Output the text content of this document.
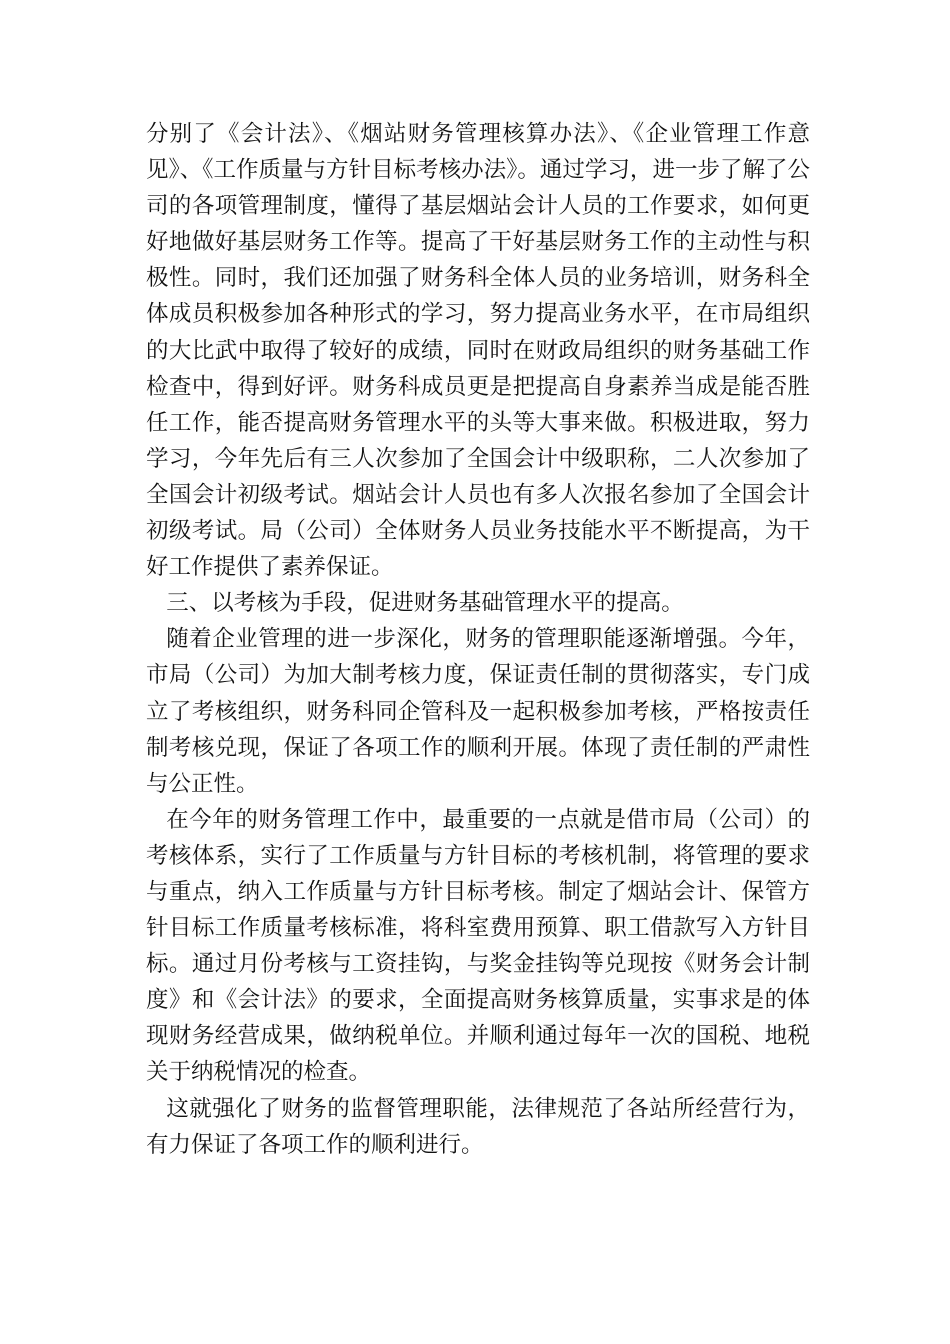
分别了《会计法》、《烟站财务管理核算办法》、《企业管理工作意见》、《工作质量与方针目标考核办法》。通过学习，进一步了解了公司的各项管理制度，懂得了基层烟站会计人员的工作要求，如何更好地做好基层财务工作等。提高了干好基层财务工作的主动性与积极性。同时，我们还加强了财务科全体人员的业务培训，财务科全体成员积极参加各种形式的学习，努力提高业务水平，在市局组织的大比武中取得了较好的成绩，同时在财政局组织的财务基础工作检查中，得到好评。财务科成员更是把提高自身素养当成是能否胜任工作，能否提高财务管理水平的头等大事来做。积极进取，努力学习，今年先后有三人次参加了全国会计中级职称，二人次参加了全国会计初级考试。烟站会计人员也有多人次报名参加了全国会计初级考试。局（公司）全体财务人员业务技能水平不断提高，为干好工作提供了素养保证。

三、以考核为手段，促进财务基础管理水平的提高。

随着企业管理的进一步深化，财务的管理职能逐渐增强。今年，市局（公司）为加大制考核力度，保证责任制的贯彻落实，专门成立了考核组织，财务科同企管科及一起积极参加考核，严格按责任制考核兑现，保证了各项工作的顺利开展。体现了责任制的严肃性与公正性。

在今年的财务管理工作中，最重要的一点就是借市局（公司）的考核体系，实行了工作质量与方针目标的考核机制，将管理的要求与重点，纳入工作质量与方针目标考核。制定了烟站会计、保管方针目标工作质量考核标准，将科室费用预算、职工借款写入方针目标。通过月份考核与工资挂钩，与奖金挂钩等兑现按《财务会计制度》和《会计法》的要求，全面提高财务核算质量，实事求是的体现财务经营成果，做纳税单位。并顺利通过每年一次的国税、地税关于纳税情况的检查。

这就强化了财务的监督管理职能，法律规范了各站所经营行为，有力保证了各项工作的顺利进行。
